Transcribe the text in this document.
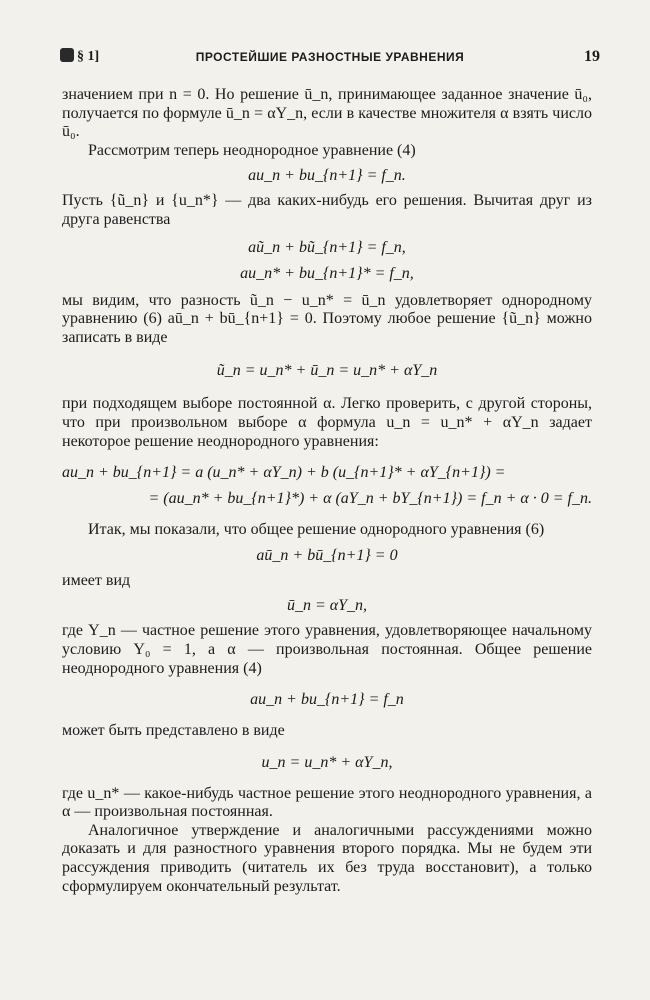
§ 1]	ПРОСТЕЙШИЕ РАЗНОСТНЫЕ УРАВНЕНИЯ	19

значением при n = 0. Но решение ū_n, принимающее заданное значение ū₀, получается по формуле ū_n = αY_n, если в качестве множителя α взять число ū₀.

Рассмотрим теперь неоднородное уравнение (4)

au_n + bu_{n+1} = f_n.

Пусть {ũ_n} и {u_n*} — два каких-нибудь его решения. Вычитая друг из друга равенства

aũ_n + bũ_{n+1} = f_n,
au_n* + bu_{n+1}* = f_n,

мы видим, что разность ũ_n − u_n* = ū_n удовлетворяет однородному уравнению (6) aū_n + bū_{n+1} = 0. Поэтому любое решение {ũ_n} можно записать в виде

ũ_n = u_n* + ū_n = u_n* + αY_n

при подходящем выборе постоянной α. Легко проверить, с другой стороны, что при произвольном выборе α формула u_n = u_n* + αY_n задает некоторое решение неоднородного уравнения:

au_n + bu_{n+1} = a (u_n* + αY_n) + b (u_{n+1}* + αY_{n+1}) =
= (au_n* + bu_{n+1}*) + α (aY_n + bY_{n+1}) = f_n + α · 0 = f_n.

Итак, мы показали, что общее решение однородного уравнения (6)

aū_n + bū_{n+1} = 0

имеет вид

ū_n = αY_n,

где Y_n — частное решение этого уравнения, удовлетворяющее начальному условию Y₀ = 1, а α — произвольная постоянная. Общее решение неоднородного уравнения (4)

au_n + bu_{n+1} = f_n

может быть представлено в виде

u_n = u_n* + αY_n,

где u_n* — какое-нибудь частное решение этого неоднородного уравнения, а α — произвольная постоянная.

Аналогичное утверждение и аналогичными рассуждениями можно доказать и для разностного уравнения второго порядка. Мы не будем эти рассуждения приводить (читатель их без труда восстановит), а только сформулируем окончательный результат.
